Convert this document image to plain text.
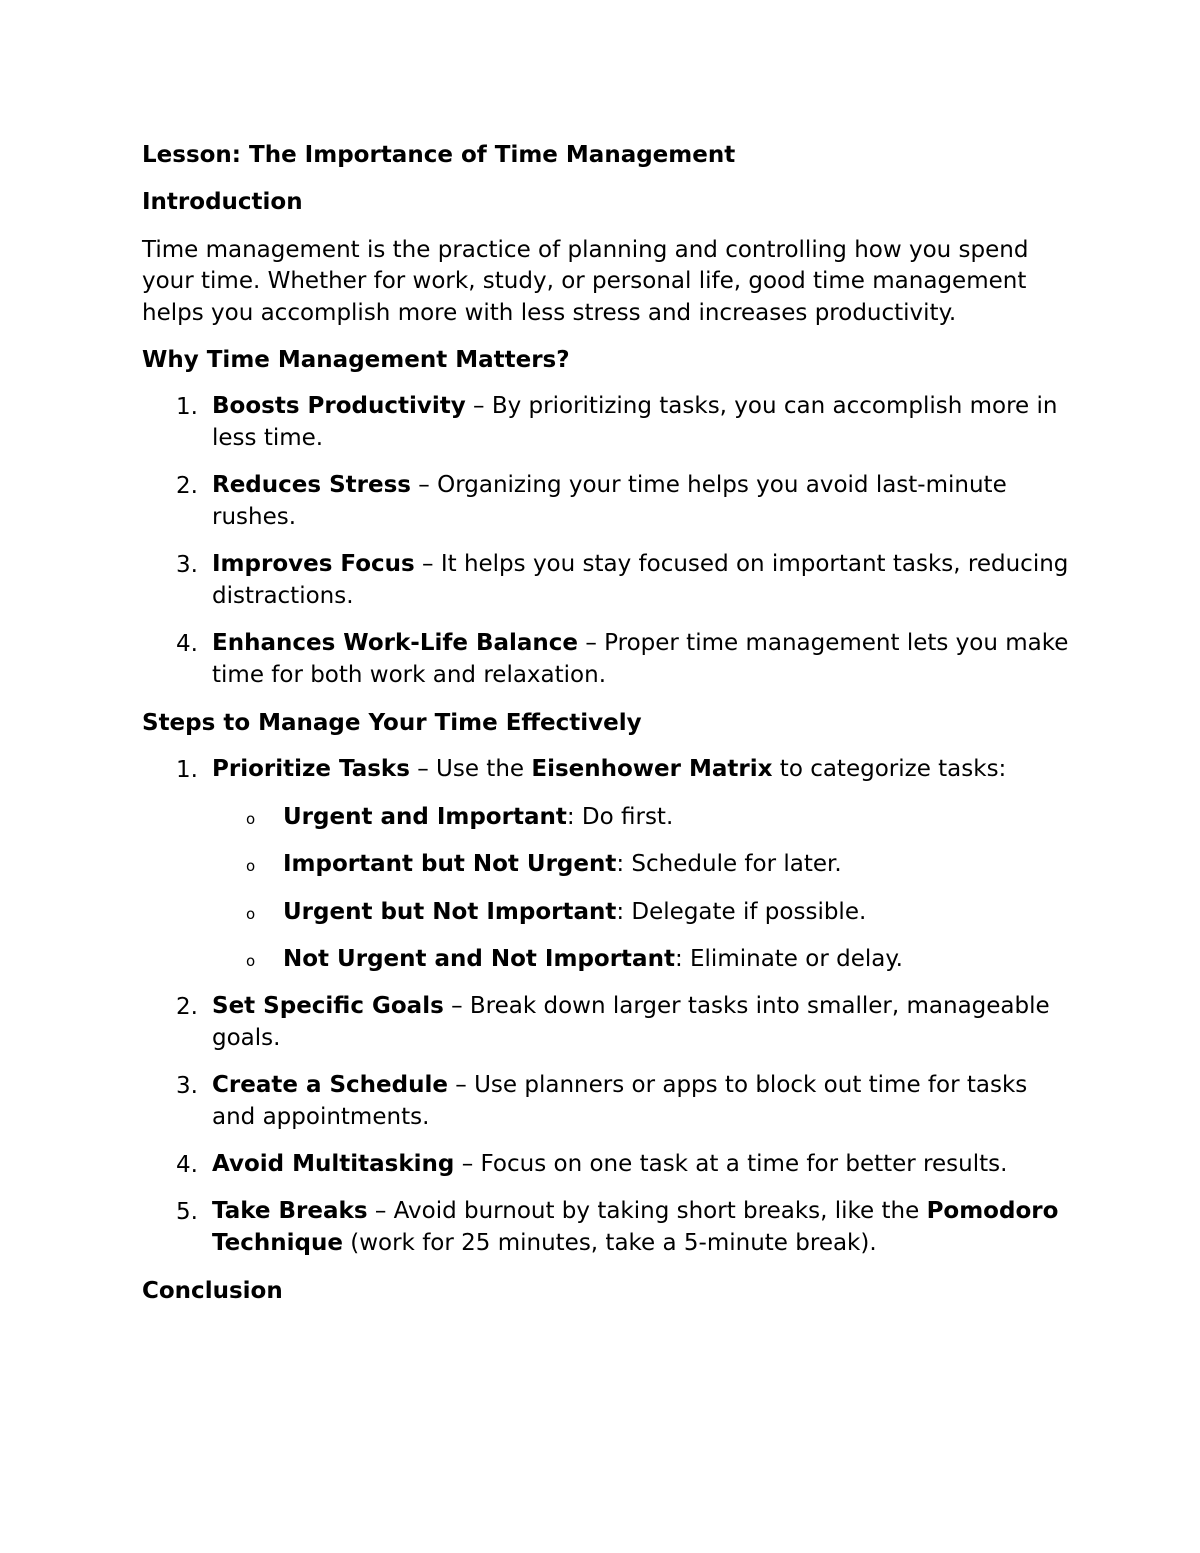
Lesson: The Importance of Time Management
Introduction
Time management is the practice of planning and controlling how you spend
your time. Whether for work, study, or personal life, good time management
helps you accomplish more with less stress and increases productivity.
Why Time Management Matters?
1. Boosts Productivity – By prioritizing tasks, you can accomplish more in less time.
2. Reduces Stress – Organizing your time helps you avoid last-minute rushes.
3. Improves Focus – It helps you stay focused on important tasks, reducing distractions.
4. Enhances Work-Life Balance – Proper time management lets you make time for both work and relaxation.
Steps to Manage Your Time Effectively
1. Prioritize Tasks – Use the Eisenhower Matrix to categorize tasks:
o Urgent and Important: Do first.
o Important but Not Urgent: Schedule for later.
o Urgent but Not Important: Delegate if possible.
o Not Urgent and Not Important: Eliminate or delay.
2. Set Specific Goals – Break down larger tasks into smaller, manageable goals.
3. Create a Schedule – Use planners or apps to block out time for tasks and appointments.
4. Avoid Multitasking – Focus on one task at a time for better results.
5. Take Breaks – Avoid burnout by taking short breaks, like the Pomodoro Technique (work for 25 minutes, take a 5-minute break).
Conclusion
